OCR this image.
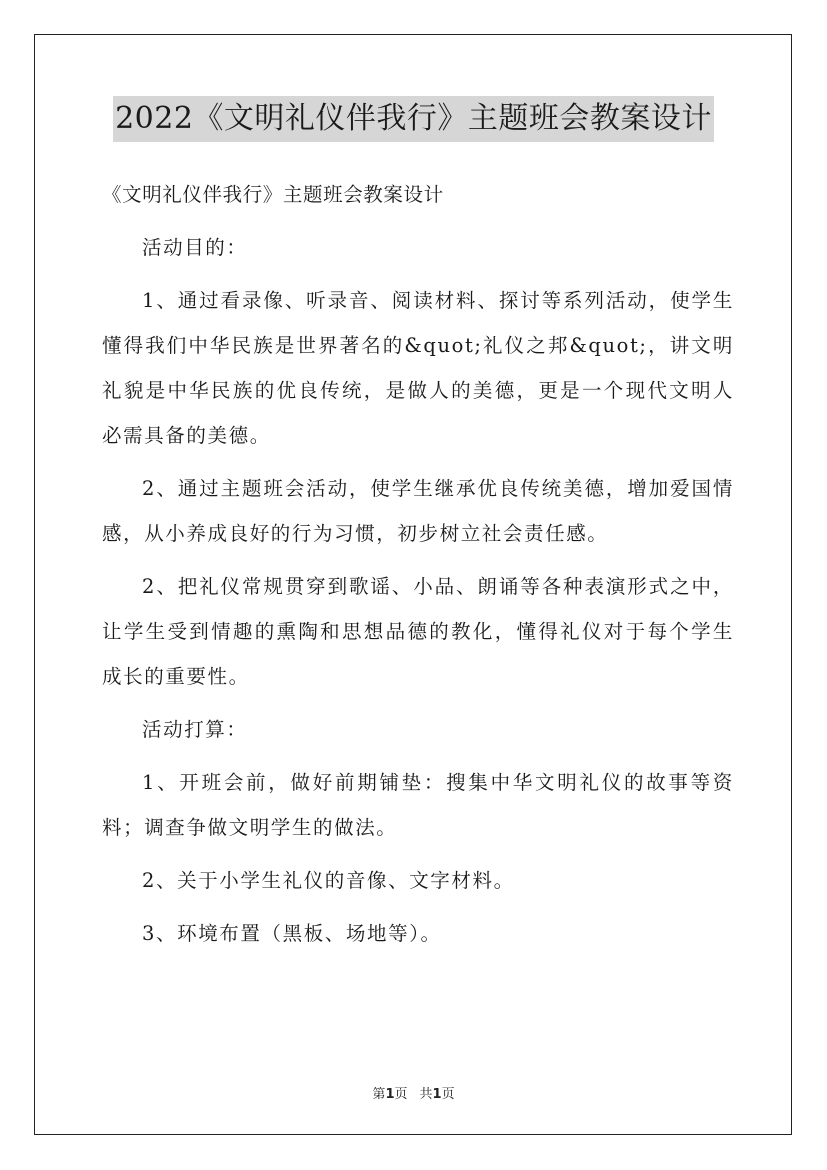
2022《文明礼仪伴我行》主题班会教案设计

《文明礼仪伴我行》主题班会教案设计

活动目的：

1、通过看录像、听录音、阅读材料、探讨等系列活动，使学生懂得我们中华民族是世界著名的&quot;礼仪之邦&quot;，讲文明礼貌是中华民族的优良传统，是做人的美德，更是一个现代文明人必需具备的美德。

2、通过主题班会活动，使学生继承优良传统美德，增加爱国情感，从小养成良好的行为习惯，初步树立社会责任感。

2、把礼仪常规贯穿到歌谣、小品、朗诵等各种表演形式之中，让学生受到情趣的熏陶和思想品德的教化，懂得礼仪对于每个学生成长的重要性。

活动打算：

1、开班会前，做好前期铺垫：搜集中华文明礼仪的故事等资料；调查争做文明学生的做法。

2、关于小学生礼仪的音像、文字材料。

3、环境布置（黑板、场地等）。

第1页 共1页
